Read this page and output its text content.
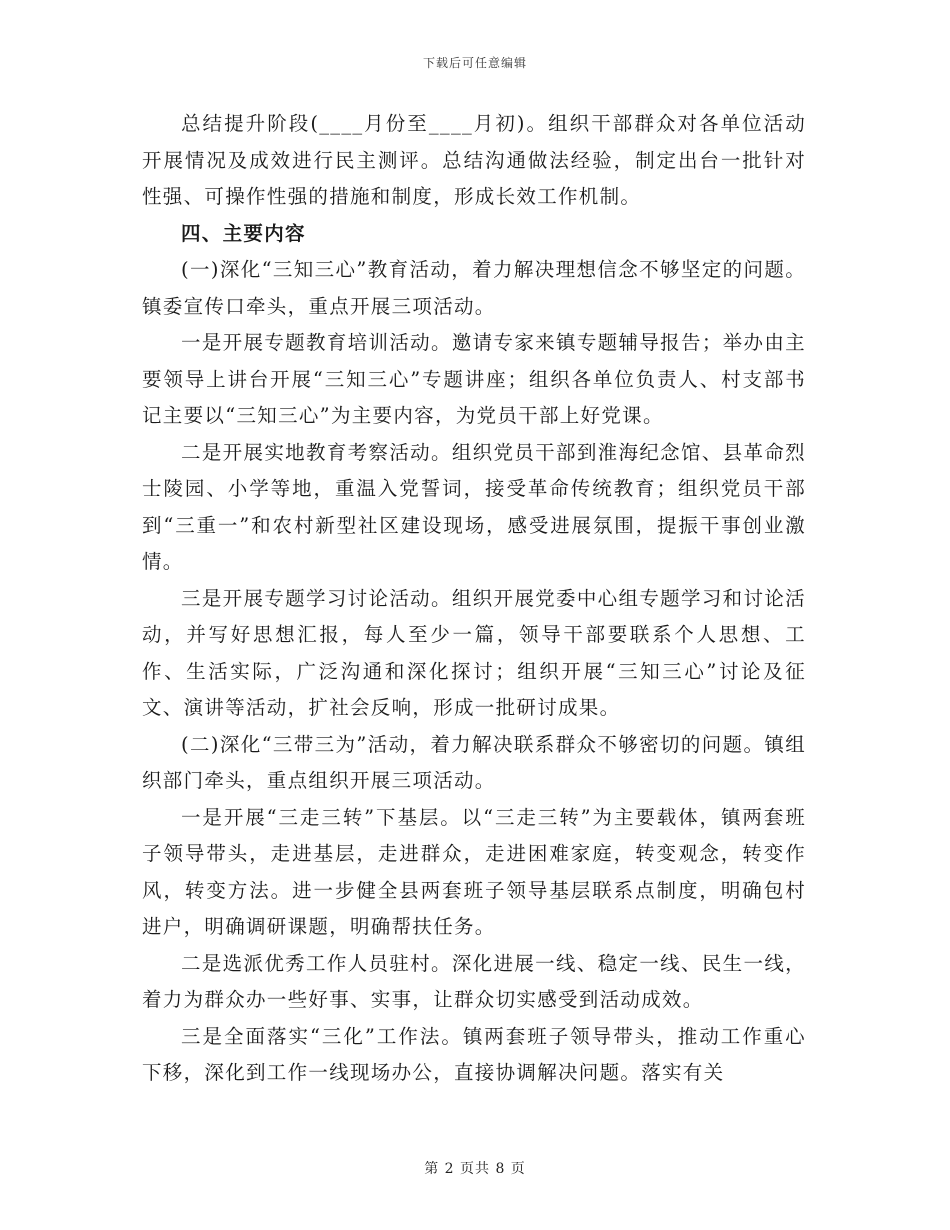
下载后可任意编辑

总结提升阶段(____月份至____月初)。组织干部群众对各单位活动开展情况及成效进行民主测评。总结沟通做法经验，制定出台一批针对性强、可操作性强的措施和制度，形成长效工作机制。

四、主要内容

(一)深化“三知三心”教育活动，着力解决理想信念不够坚定的问题。镇委宣传口牵头，重点开展三项活动。

一是开展专题教育培训活动。邀请专家来镇专题辅导报告；举办由主要领导上讲台开展“三知三心”专题讲座；组织各单位负责人、村支部书记主要以“三知三心”为主要内容，为党员干部上好党课。

二是开展实地教育考察活动。组织党员干部到淮海纪念馆、县革命烈士陵园、小学等地，重温入党誓词，接受革命传统教育；组织党员干部到“三重一”和农村新型社区建设现场，感受进展氛围，提振干事创业激情。

三是开展专题学习讨论活动。组织开展党委中心组专题学习和讨论活动，并写好思想汇报，每人至少一篇，领导干部要联系个人思想、工作、生活实际，广泛沟通和深化探讨；组织开展“三知三心”讨论及征文、演讲等活动，扩社会反响，形成一批研讨成果。

(二)深化“三带三为”活动，着力解决联系群众不够密切的问题。镇组织部门牵头，重点组织开展三项活动。

一是开展“三走三转”下基层。以“三走三转”为主要载体，镇两套班子领导带头，走进基层，走进群众，走进困难家庭，转变观念，转变作风，转变方法。进一步健全县两套班子领导基层联系点制度，明确包村进户，明确调研课题，明确帮扶任务。

二是选派优秀工作人员驻村。深化进展一线、稳定一线、民生一线，着力为群众办一些好事、实事，让群众切实感受到活动成效。

三是全面落实“三化”工作法。镇两套班子领导带头，推动工作重心下移，深化到工作一线现场办公，直接协调解决问题。落实有关

第 2 页共 8 页
